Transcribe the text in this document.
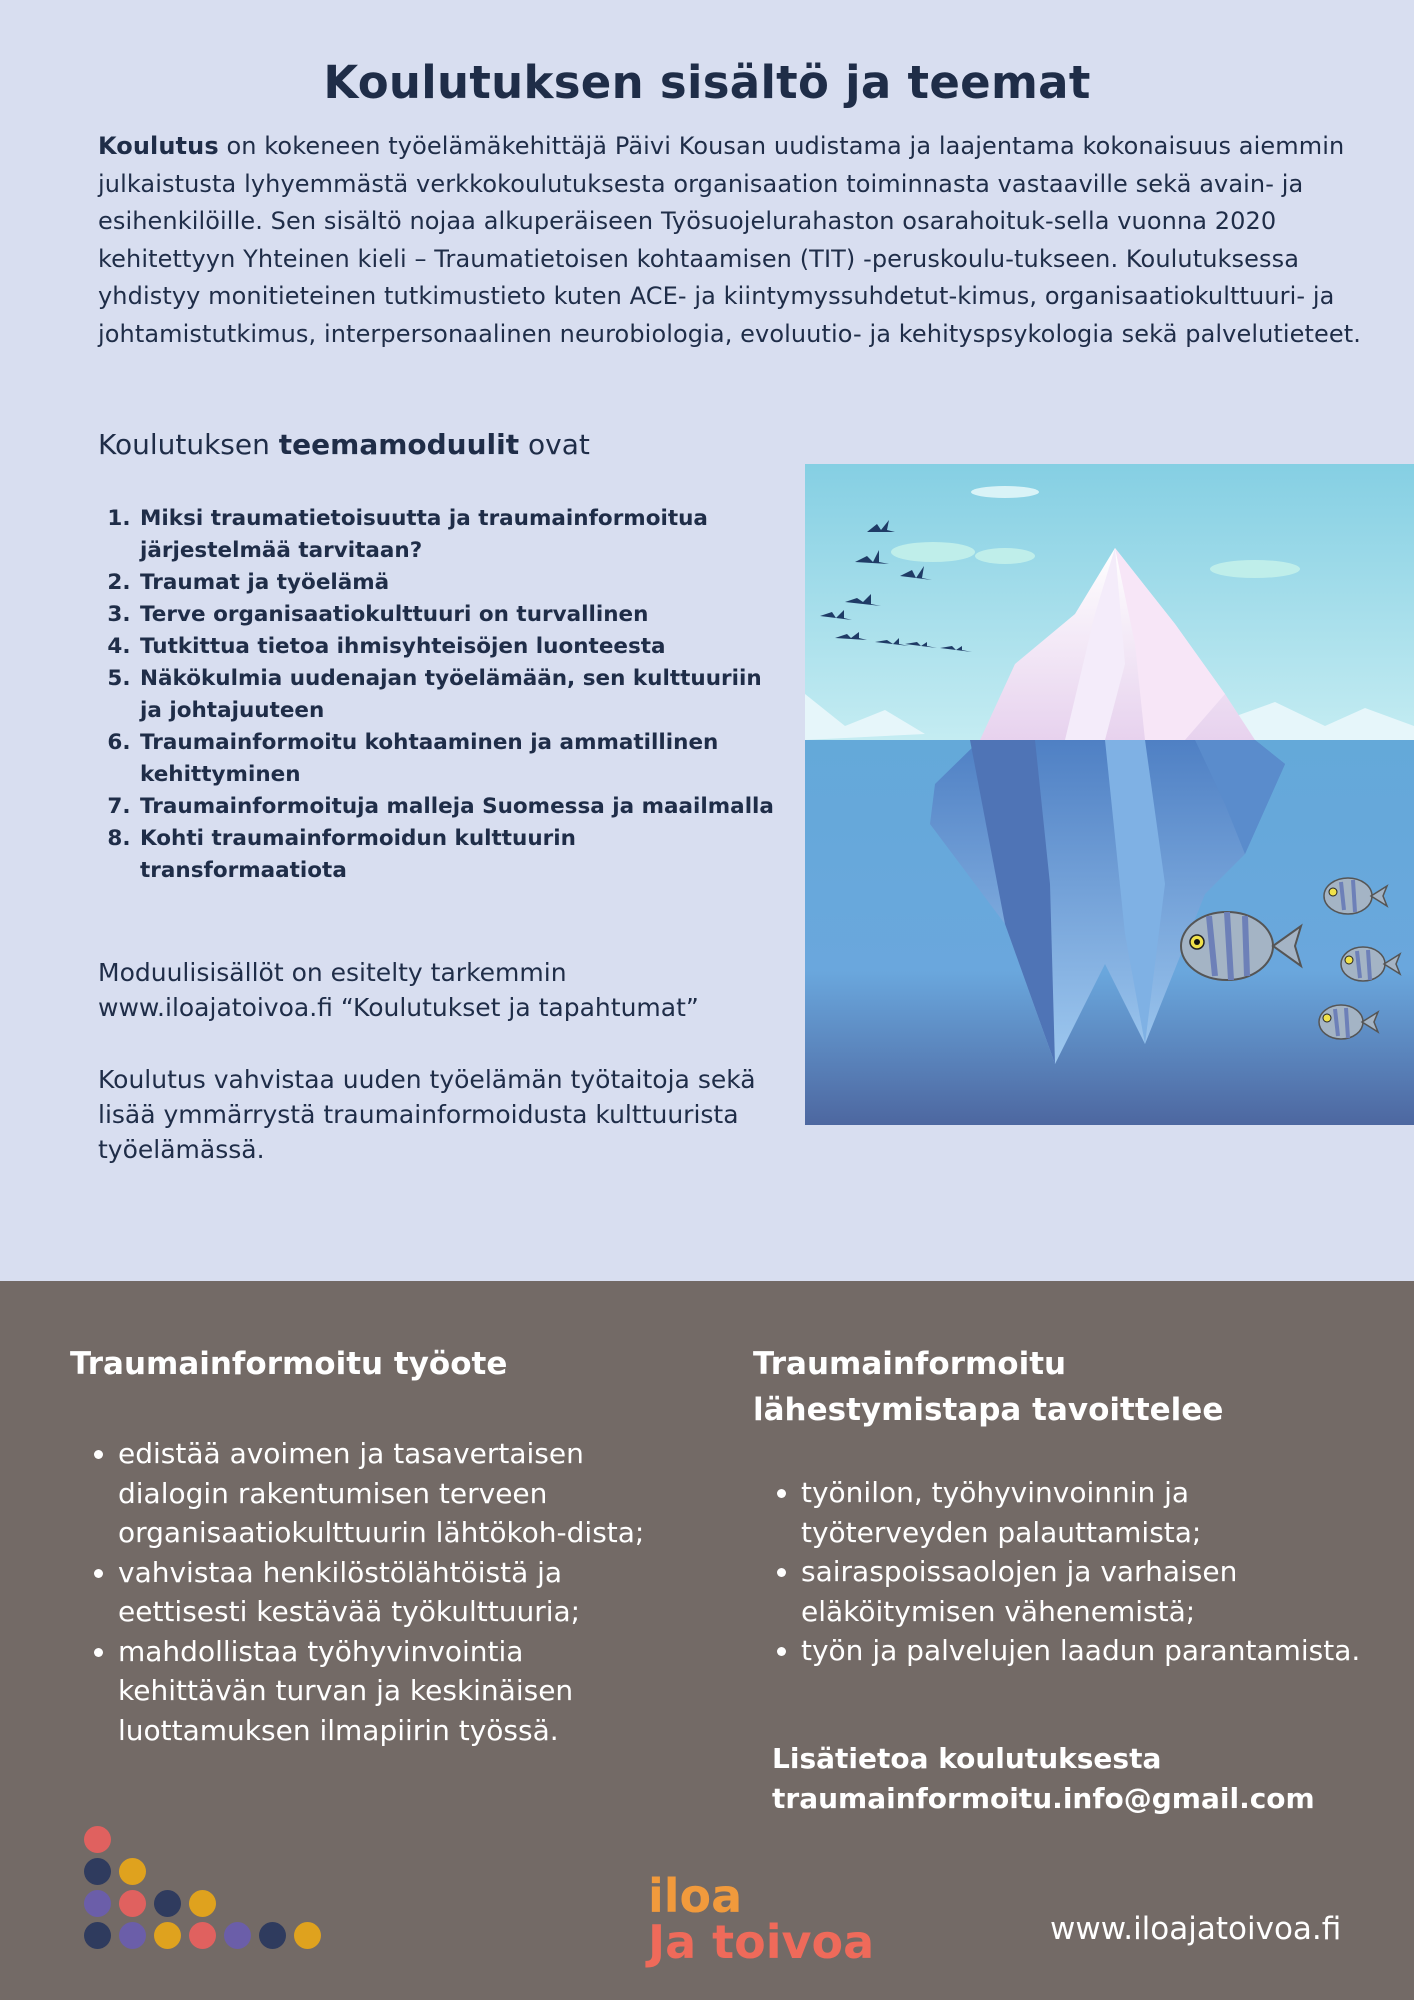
Koulutuksen sisältö ja teemat

Koulutus on kokeneen työelämäkehittäjä Päivi Kousan uudistama ja laajentama kokonaisuus aiemmin julkaistusta lyhyemmästä verkkokoulutuksesta organisaation toiminnasta vastaaville sekä avain- ja esihenkilöille. Sen sisältö nojaa alkuperäiseen Työsuojelurahaston osarahoituk-sella vuonna 2020 kehitettyyn Yhteinen kieli – Traumatietoisen kohtaamisen (TIT) -peruskoulu-tukseen. Koulutuksessa yhdistyy monitieteinen tutkimustieto kuten ACE- ja kiintymyssuhdetut-kimus, organisaatiokulttuuri- ja johtamistutkimus, interpersonaalinen neurobiologia, evoluutio- ja kehityspsykologia sekä palvelutieteet.

Koulutuksen teemamoduulit ovat
1. Miksi traumatietoisuutta ja traumainformoitua järjestelmää tarvitaan?
2. Traumat ja työelämä
3. Terve organisaatiokulttuuri on turvallinen
4. Tutkittua tietoa ihmisyhteisöjen luonteesta
5. Näkökulmia uudenajan työelämään, sen kulttuuriin ja johtajuuteen
6. Traumainformoitu kohtaaminen ja ammatillinen kehittyminen
7. Traumainformoituja malleja Suomessa ja maailmalla
8. Kohti traumainformoidun kulttuurin transformaatiota

Moduulisisällöt on esitelty tarkemmin
www.iloajatoivoa.fi “Koulutukset ja tapahtumat”

Koulutus vahvistaa uuden työelämän työtaitoja sekä lisää ymmärrystä traumainformoidusta kulttuurista työelämässä.

Traumainformoitu työote
• edistää avoimen ja tasavertaisen dialogin rakentumisen terveen organisaatiokulttuurin lähtökoh-dista;
• vahvistaa henkilöstölähtöistä ja eettisesti kestävää työkulttuuria;
• mahdollistaa työhyvinvointia kehittävän turvan ja keskinäisen luottamuksen ilmapiirin työssä.
Traumainformoitu
lähestymistapa tavoittelee
• työnilon, työhyvinvoinnin ja työterveyden palauttamista;
• sairaspoissaolojen ja varhaisen eläköitymisen vähenemistä;
• työn ja palvelujen laadun parantamista.
Lisätietoa koulutuksesta
traumainformoitu.info@gmail.com
iloa
Ja toivoa	www.iloajatoivoa.fi
